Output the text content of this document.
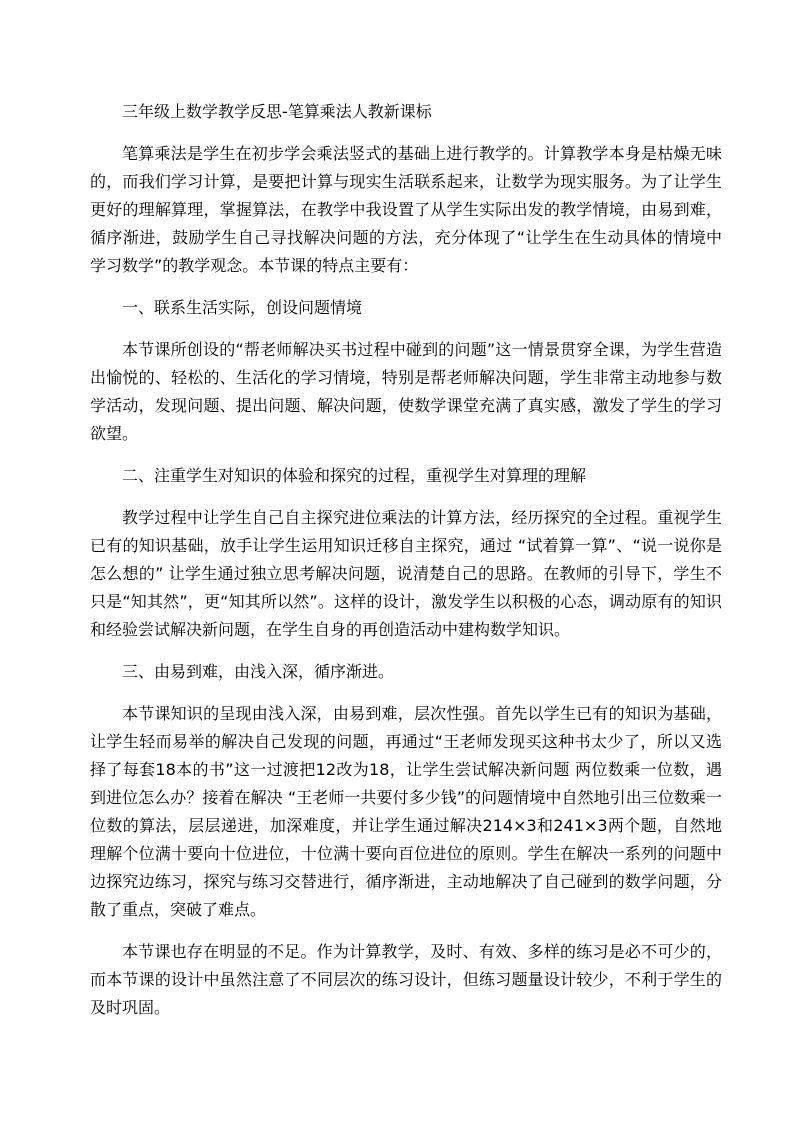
三年级上数学教学反思-笔算乘法人教新课标

笔算乘法是学生在初步学会乘法竖式的基础上进行教学的。计算教学本身是枯燥无味的，而我们学习计算，是要把计算与现实生活联系起来，让数学为现实服务。为了让学生更好的理解算理，掌握算法，在教学中我设置了从学生实际出发的教学情境，由易到难，循序渐进，鼓励学生自己寻找解决问题的方法，充分体现了“让学生在生动具体的情境中学习数学”的教学观念。本节课的特点主要有：

一、联系生活实际，创设问题情境

本节课所创设的“帮老师解决买书过程中碰到的问题”这一情景贯穿全课，为学生营造出愉悦的、轻松的、生活化的学习情境，特别是帮老师解决问题，学生非常主动地参与数学活动，发现问题、提出问题、解决问题，使数学课堂充满了真实感，激发了学生的学习欲望。

二、注重学生对知识的体验和探究的过程，重视学生对算理的理解

教学过程中让学生自己自主探究进位乘法的计算方法，经历探究的全过程。重视学生已有的知识基础，放手让学生运用知识迁移自主探究，通过 “试着算一算”、“说一说你是怎么想的” 让学生通过独立思考解决问题，说清楚自己的思路。在教师的引导下，学生不只是“知其然”，更“知其所以然”。这样的设计，激发学生以积极的心态，调动原有的知识和经验尝试解决新问题，在学生自身的再创造活动中建构数学知识。

三、由易到难，由浅入深，循序渐进。

本节课知识的呈现由浅入深，由易到难，层次性强。首先以学生已有的知识为基础，让学生轻而易举的解决自己发现的问题，再通过“王老师发现买这种书太少了，所以又选择了每套18本的书”这一过渡把12改为18，让学生尝试解决新问题 两位数乘一位数，遇到进位怎么办？接着在解决 “王老师一共要付多少钱”的问题情境中自然地引出三位数乘一位数的算法，层层递进，加深难度，并让学生通过解决214×3和241×3两个题，自然地理解个位满十要向十位进位，十位满十要向百位进位的原则。学生在解决一系列的问题中边探究边练习，探究与练习交替进行，循序渐进，主动地解决了自己碰到的数学问题，分散了重点，突破了难点。

本节课也存在明显的不足。作为计算教学，及时、有效、多样的练习是必不可少的，而本节课的设计中虽然注意了不同层次的练习设计，但练习题量设计较少，不利于学生的及时巩固。
